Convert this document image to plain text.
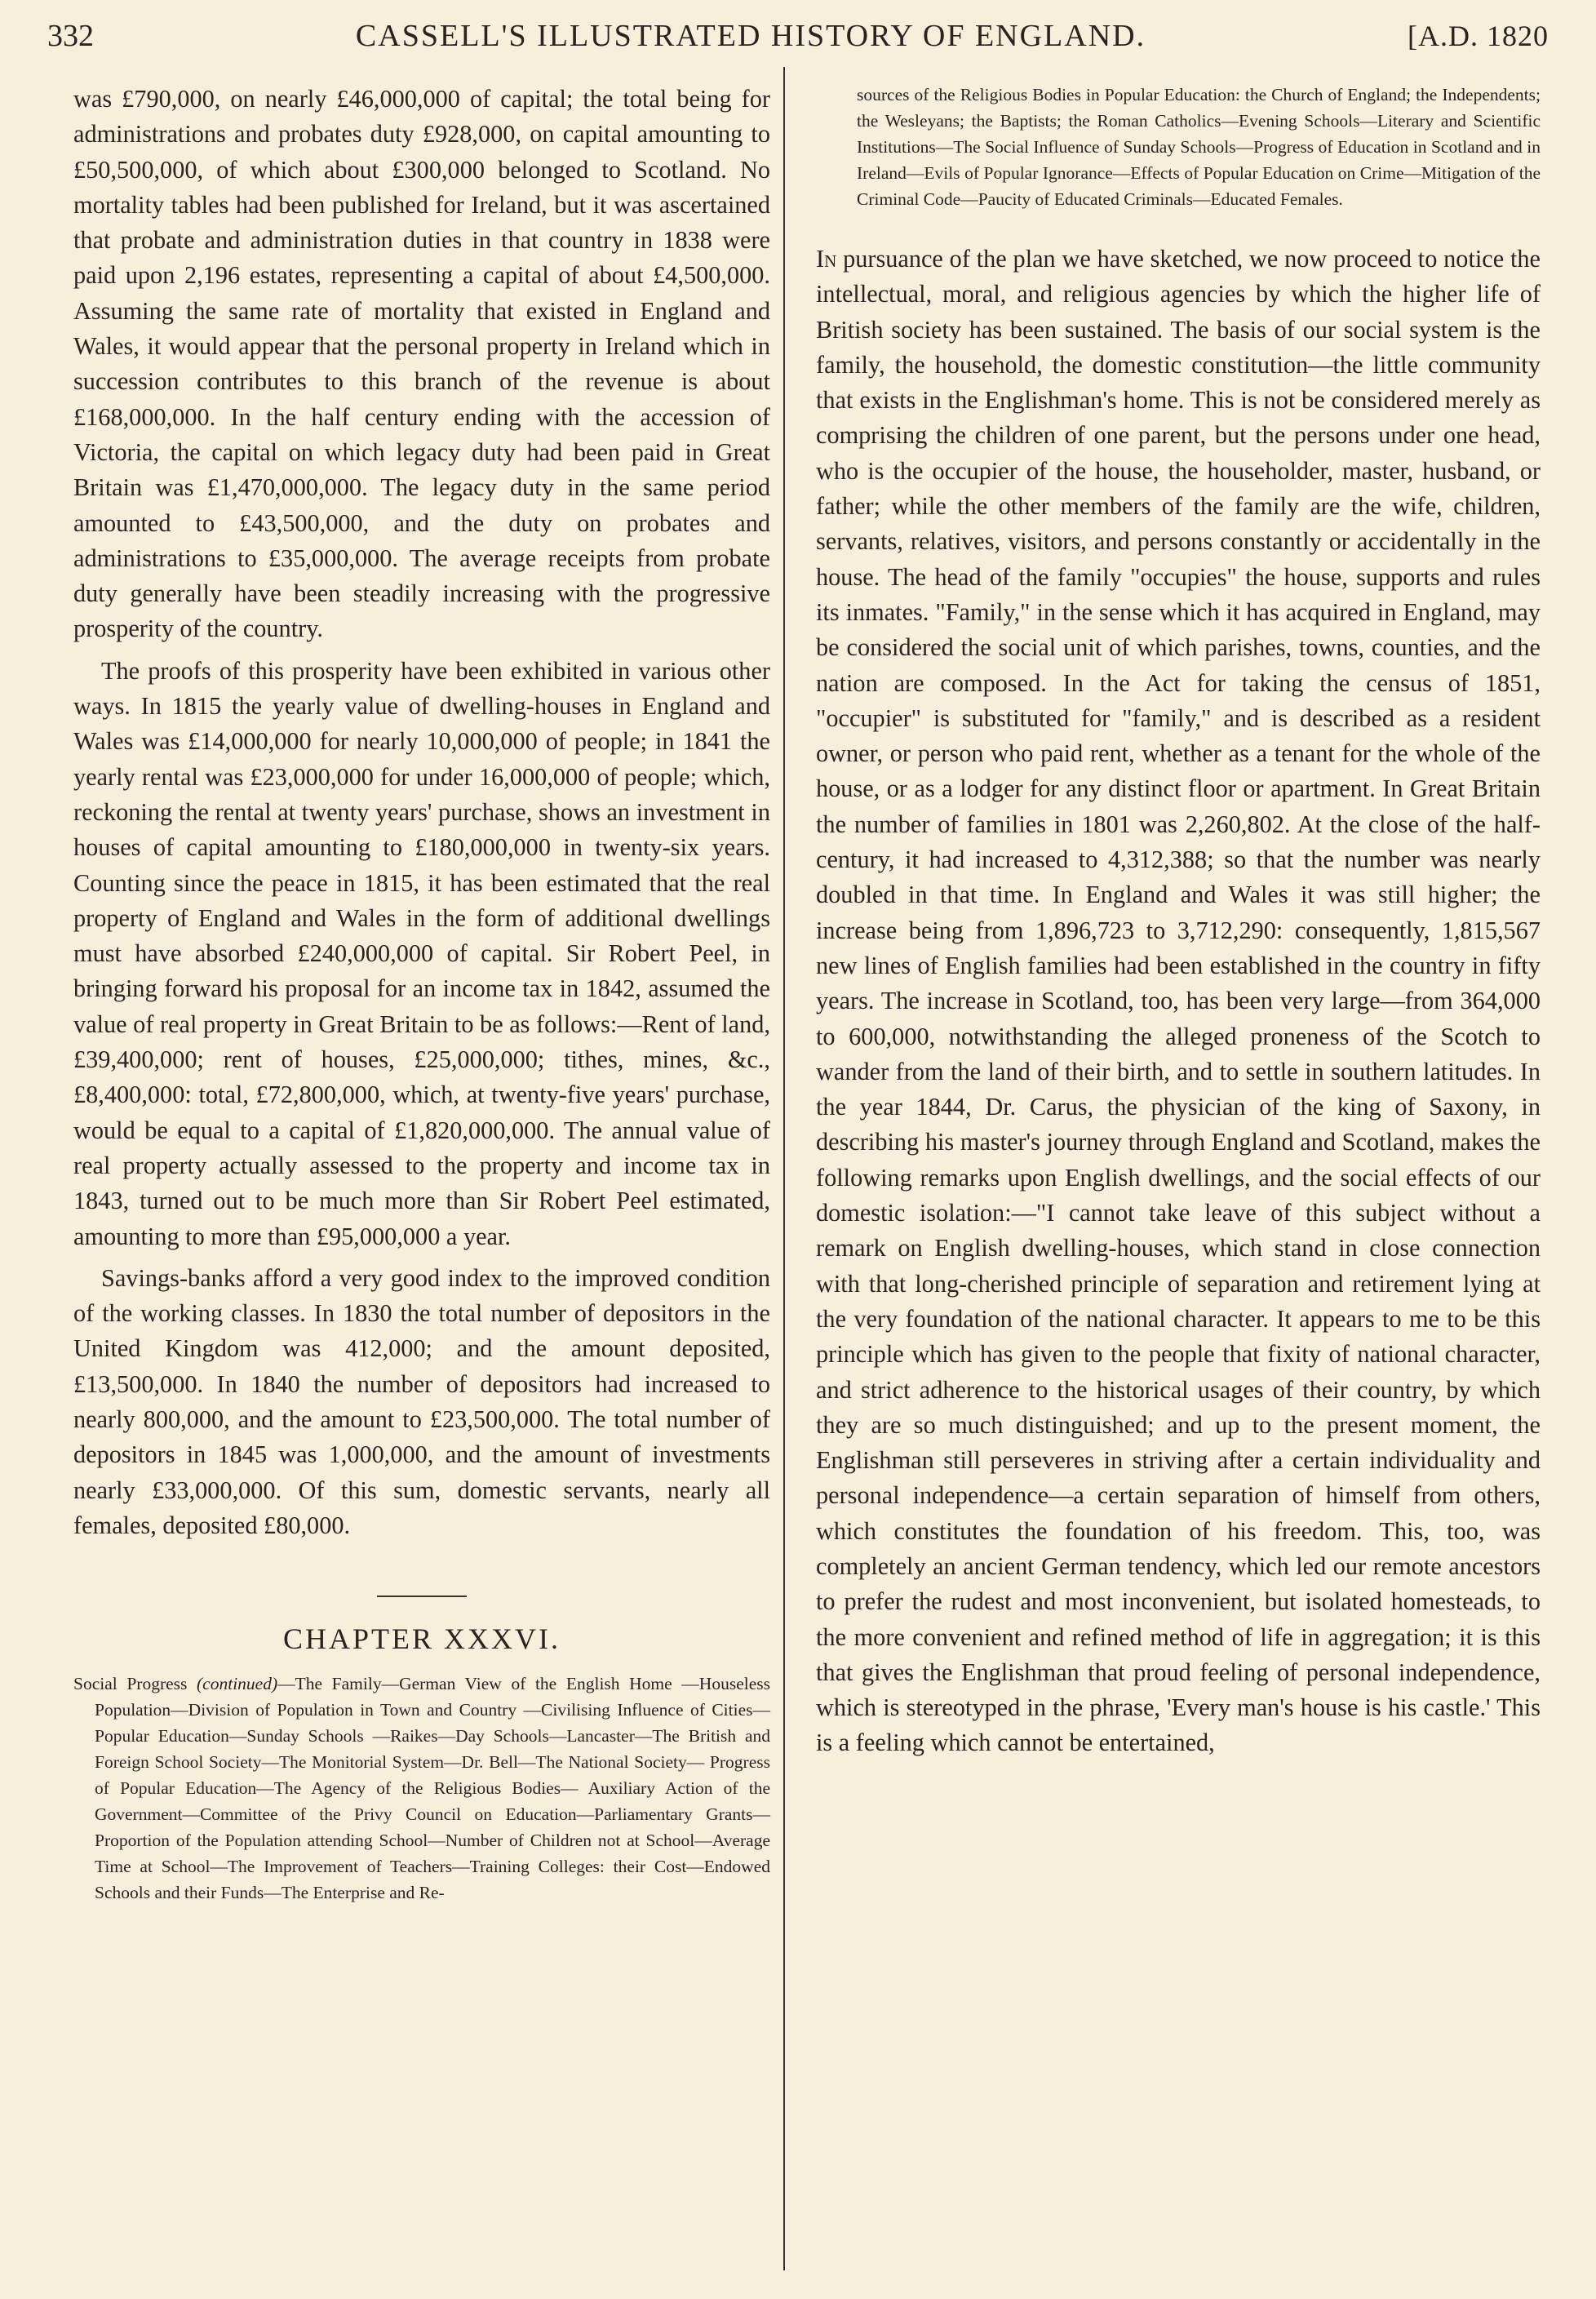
332	CASSELL'S ILLUSTRATED HISTORY OF ENGLAND.	[A.D. 1820

was £790,000, on nearly £46,000,000 of capital; the total being for administrations and probates duty £928,000, on capital amounting to £50,500,000, of which about £300,000 belonged to Scotland. No mortality tables had been published for Ireland, but it was ascertained that probate and administration duties in that country in 1838 were paid upon 2,196 estates, representing a capital of about £4,500,000. Assuming the same rate of mortality that existed in England and Wales, it would appear that the personal property in Ireland which in succession contributes to this branch of the revenue is about £168,000,000. In the half century ending with the accession of Victoria, the capital on which legacy duty had been paid in Great Britain was £1,470,000,000. The legacy duty in the same period amounted to £43,500,000, and the duty on probates and administrations to £35,000,000. The average receipts from probate duty generally have been steadily increasing with the progressive prosperity of the country.

The proofs of this prosperity have been exhibited in various other ways. In 1815 the yearly value of dwelling-houses in England and Wales was £14,000,000 for nearly 10,000,000 of people; in 1841 the yearly rental was £23,000,000 for under 16,000,000 of people; which, reckoning the rental at twenty years' purchase, shows an investment in houses of capital amounting to £180,000,000 in twenty-six years. Counting since the peace in 1815, it has been estimated that the real property of England and Wales in the form of additional dwellings must have absorbed £240,000,000 of capital. Sir Robert Peel, in bringing forward his proposal for an income tax in 1842, assumed the value of real property in Great Britain to be as follows:—Rent of land, £39,400,000; rent of houses, £25,000,000; tithes, mines, &c., £8,400,000: total, £72,800,000, which, at twenty-five years' purchase, would be equal to a capital of £1,820,000,000. The annual value of real property actually assessed to the property and income tax in 1843, turned out to be much more than Sir Robert Peel estimated, amounting to more than £95,000,000 a year.

Savings-banks afford a very good index to the improved condition of the working classes. In 1830 the total number of depositors in the United Kingdom was 412,000; and the amount deposited, £13,500,000. In 1840 the number of depositors had increased to nearly 800,000, and the amount to £23,500,000. The total number of depositors in 1845 was 1,000,000, and the amount of investments nearly £33,000,000. Of this sum, domestic servants, nearly all females, deposited £80,000.

CHAPTER XXXVI.
Social Progress (continued)—The Family—German View of the English Home —Houseless Population—Division of Population in Town and Country —Civilising Influence of Cities—Popular Education—Sunday Schools —Raikes—Day Schools—Lancaster—The British and Foreign School Society—The Monitorial System—Dr. Bell—The National Society— Progress of Popular Education—The Agency of the Religious Bodies— Auxiliary Action of the Government—Committee of the Privy Council on Education—Parliamentary Grants—Proportion of the Population attending School—Number of Children not at School—Average Time at School—The Improvement of Teachers—Training Colleges: their Cost—Endowed Schools and their Funds—The Enterprise and Re-
sources of the Religious Bodies in Popular Education: the Church of England; the Independents; the Wesleyans; the Baptists; the Roman Catholics—Evening Schools—Literary and Scientific Institutions—The Social Influence of Sunday Schools—Progress of Education in Scotland and in Ireland—Evils of Popular Ignorance—Effects of Popular Education on Crime—Mitigation of the Criminal Code—Paucity of Educated Criminals—Educated Females.

In pursuance of the plan we have sketched, we now proceed to notice the intellectual, moral, and religious agencies by which the higher life of British society has been sustained. The basis of our social system is the family, the household, the domestic constitution—the little community that exists in the Englishman's home. This is not be considered merely as comprising the children of one parent, but the persons under one head, who is the occupier of the house, the householder, master, husband, or father; while the other members of the family are the wife, children, servants, relatives, visitors, and persons constantly or accidentally in the house. The head of the family "occupies" the house, supports and rules its inmates. "Family," in the sense which it has acquired in England, may be considered the social unit of which parishes, towns, counties, and the nation are composed. In the Act for taking the census of 1851, "occupier" is substituted for "family," and is described as a resident owner, or person who paid rent, whether as a tenant for the whole of the house, or as a lodger for any distinct floor or apartment. In Great Britain the number of families in 1801 was 2,260,802. At the close of the half-century, it had increased to 4,312,388; so that the number was nearly doubled in that time. In England and Wales it was still higher; the increase being from 1,896,723 to 3,712,290: consequently, 1,815,567 new lines of English families had been established in the country in fifty years. The increase in Scotland, too, has been very large—from 364,000 to 600,000, notwithstanding the alleged proneness of the Scotch to wander from the land of their birth, and to settle in southern latitudes. In the year 1844, Dr. Carus, the physician of the king of Saxony, in describing his master's journey through England and Scotland, makes the following remarks upon English dwellings, and the social effects of our domestic isolation:—"I cannot take leave of this subject without a remark on English dwelling-houses, which stand in close connection with that long-cherished principle of separation and retirement lying at the very foundation of the national character. It appears to me to be this principle which has given to the people that fixity of national character, and strict adherence to the historical usages of their country, by which they are so much distinguished; and up to the present moment, the Englishman still perseveres in striving after a certain individuality and personal independence—a certain separation of himself from others, which constitutes the foundation of his freedom. This, too, was completely an ancient German tendency, which led our remote ancestors to prefer the rudest and most inconvenient, but isolated homesteads, to the more convenient and refined method of life in aggregation; it is this that gives the Englishman that proud feeling of personal independence, which is stereotyped in the phrase, 'Every man's house is his castle.' This is a feeling which cannot be entertained,
